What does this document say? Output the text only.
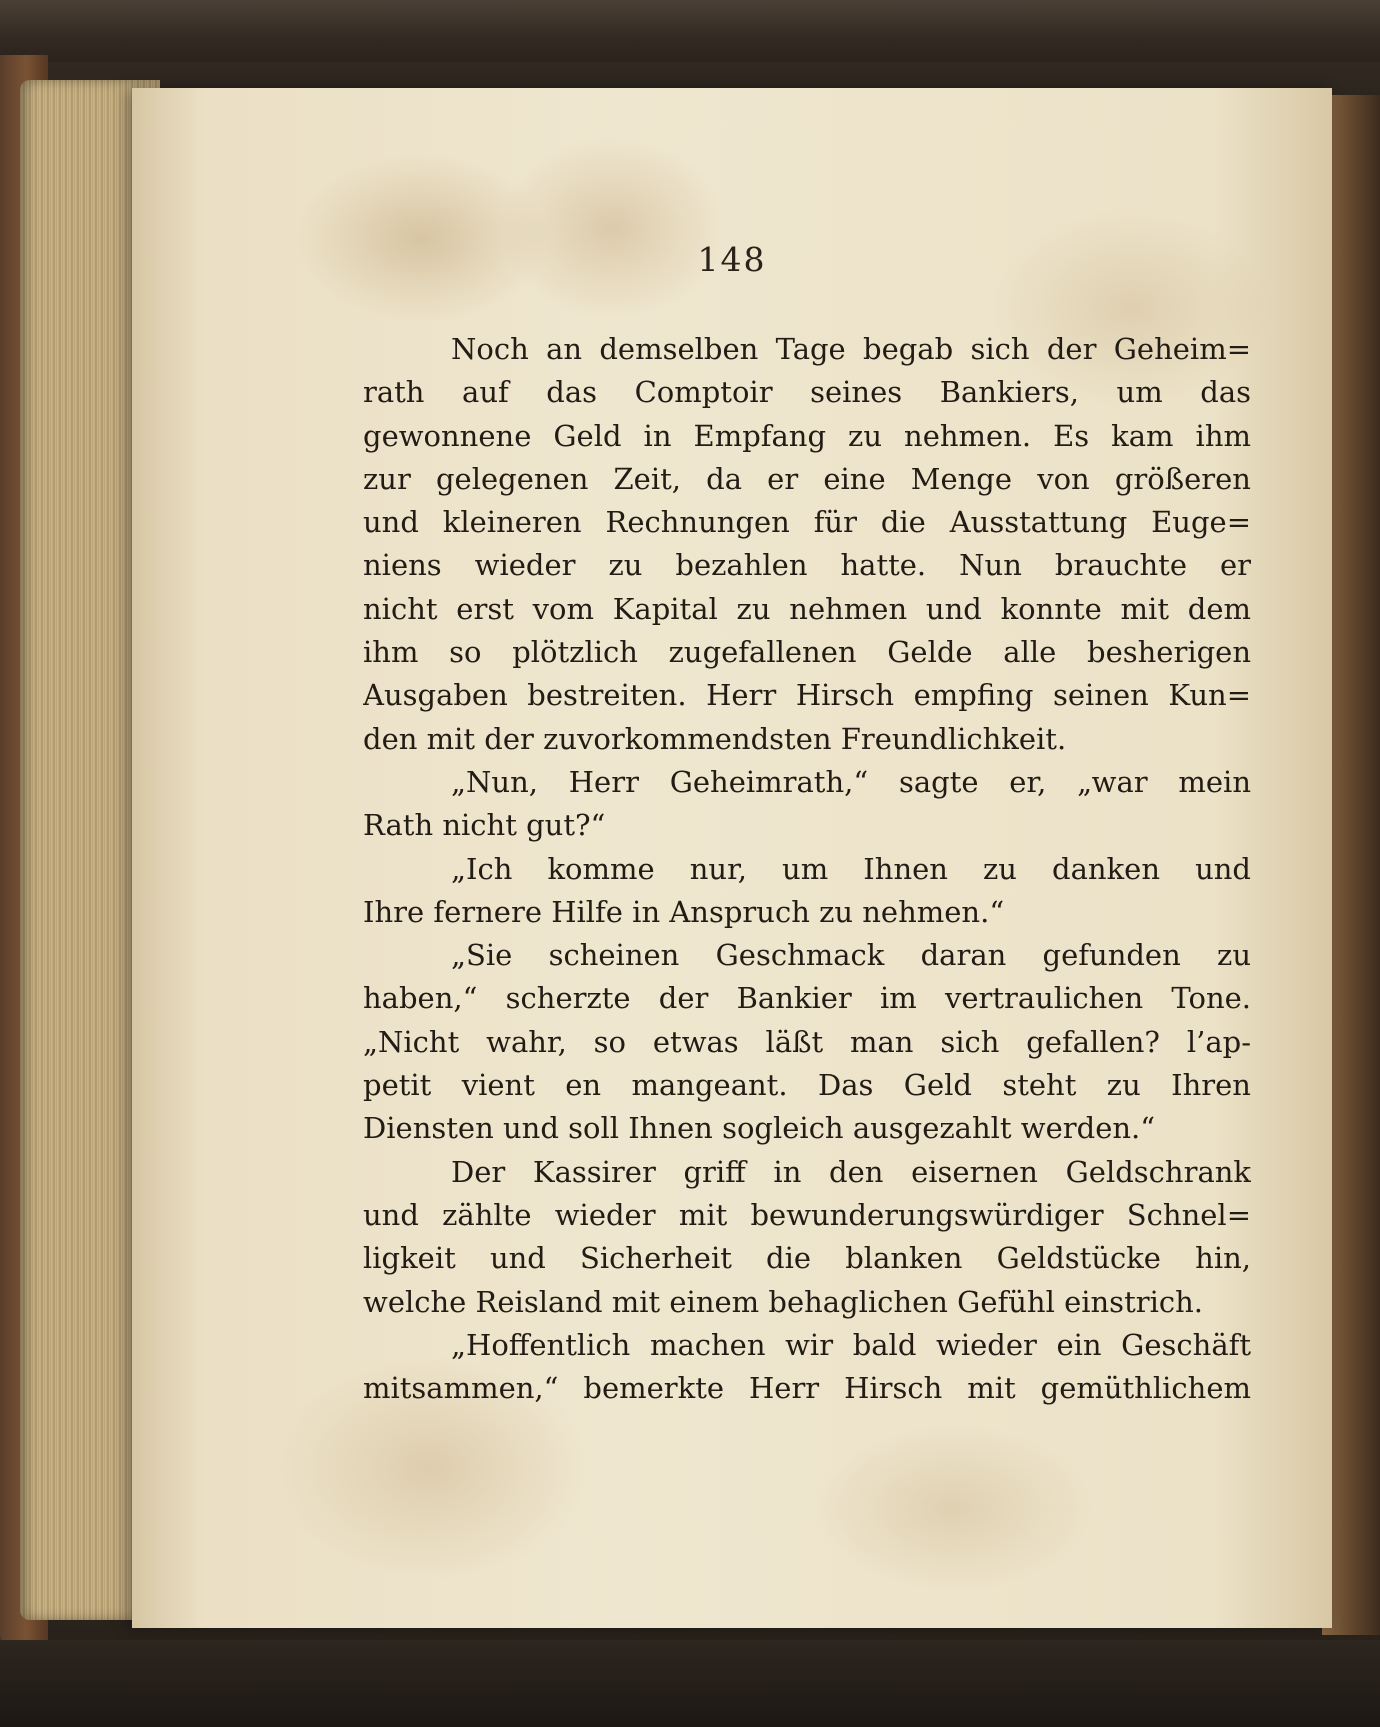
148
Noch an demselben Tage begab sich der Geheim=
rath auf das Comptoir seines Bankiers, um das
gewonnene Geld in Empfang zu nehmen. Es kam ihm
zur gelegenen Zeit, da er eine Menge von größeren
und kleineren Rechnungen für die Ausstattung Euge=
niens wieder zu bezahlen hatte. Nun brauchte er
nicht erst vom Kapital zu nehmen und konnte mit dem
ihm so plötzlich zugefallenen Gelde alle besherigen
Ausgaben bestreiten. Herr Hirsch empfing seinen Kun=
den mit der zuvorkommendsten Freundlichkeit.
„Nun, Herr Geheimrath,“ sagte er, „war mein
Rath nicht gut?“
„Ich komme nur, um Ihnen zu danken und
Ihre fernere Hilfe in Anspruch zu nehmen.“
„Sie scheinen Geschmack daran gefunden zu
haben,“ scherzte der Bankier im vertraulichen Tone.
„Nicht wahr, so etwas läßt man sich gefallen? l’ap-
petit vient en mangeant. Das Geld steht zu Ihren
Diensten und soll Ihnen sogleich ausgezahlt werden.“
Der Kassirer griff in den eisernen Geldschrank
und zählte wieder mit bewunderungswürdiger Schnel=
ligkeit und Sicherheit die blanken Geldstücke hin,
welche Reisland mit einem behaglichen Gefühl einstrich.
„Hoffentlich machen wir bald wieder ein Geschäft
mitsammen,“ bemerkte Herr Hirsch mit gemüthlichem
